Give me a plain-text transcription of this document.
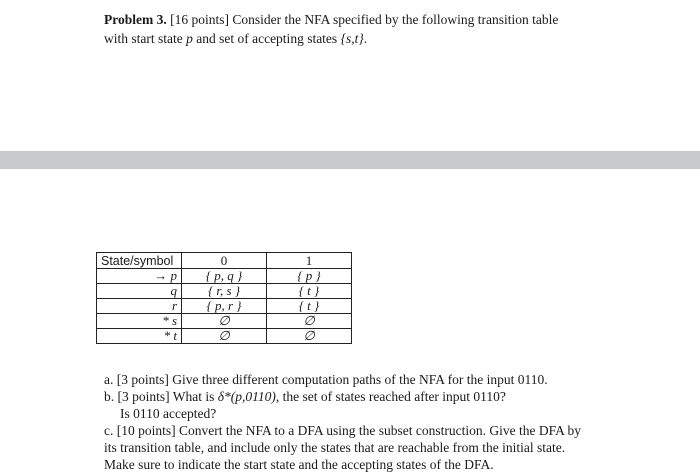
Problem 3. [16 points] Consider the NFA specified by the following transition table
with start state p and set of accepting states {s,t}.
State/symbol	0	1
→ p	{ p, q }	{ p }
q	{ r, s }	{ t }
r	{ p, r }	{ t }
* s	∅	∅
* t	∅	∅

a. [3 points] Give three different computation paths of the NFA for the input 0110.

b. [3 points] What is δ*(p,0110), the set of states reached after input 0110?

Is 0110 accepted?

c. [10 points] Convert the NFA to a DFA using the subset construction. Give the DFA by

its transition table, and include only the states that are reachable from the initial state.

Make sure to indicate the start state and the accepting states of the DFA.
